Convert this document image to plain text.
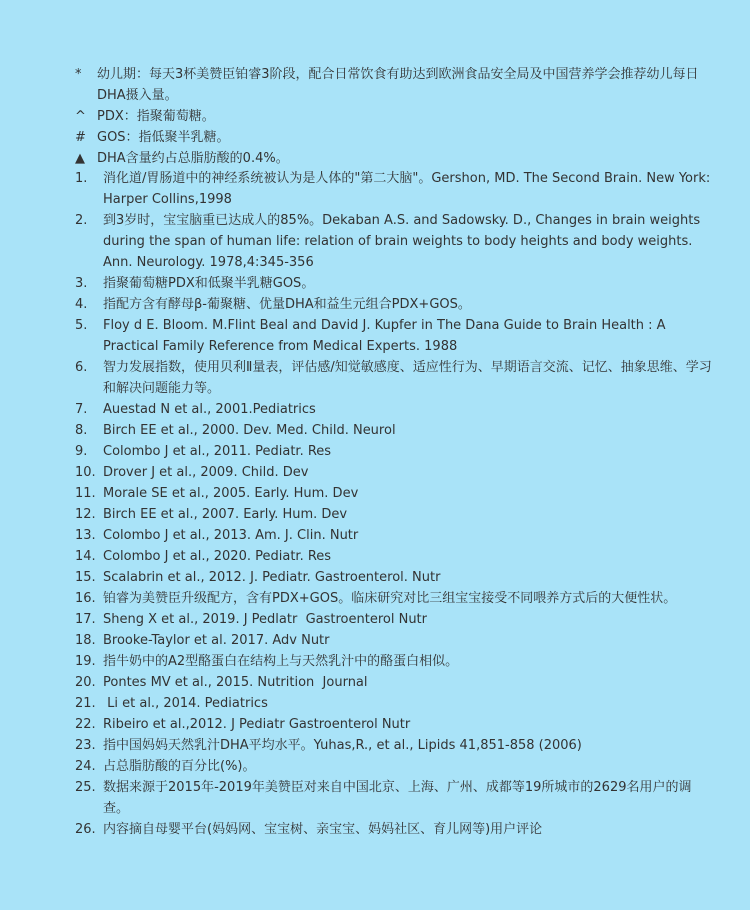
*	幼儿期：每天3杯美赞臣铂睿3阶段，配合日常饮食有助达到欧洲食品安全局及中国营养学会推荐幼儿每日DHA摄入量。
^ PDX：指聚葡萄糖。
# GOS：指低聚半乳糖。
▲ DHA含量约占总脂肪酸的0.4%。
1.	消化道/胃肠道中的神经系统被认为是人体的"第二大脑"。Gershon, MD. The Second Brain. New York: Harper Collins,1998
2.	到3岁时，宝宝脑重已达成人的85%。Dekaban A.S. and Sadowsky. D., Changes in brain weights during the span of human life: relation of brain weights to body heights and body weights. Ann. Neurology. 1978,4:345-356
3.	指聚葡萄糖PDX和低聚半乳糖GOS。
4.	指配方含有酵母β-葡聚糖、优量DHA和益生元组合PDX+GOS。
5.	Floy d E. Bloom. M.Flint Beal and David J. Kupfer in The Dana Guide to Brain Health : A Practical Family Reference from Medical Experts. 1988
6.	智力发展指数，使用贝利Ⅱ量表，评估感/知觉敏感度、适应性行为、早期语言交流、记忆、抽象思维、学习和解决问题能力等。
7.	Auestad N et al., 2001.Pediatrics
8.	Birch EE et al., 2000. Dev. Med. Child. Neurol
9.	Colombo J et al., 2011. Pediatr. Res
10. Drover J et al., 2009. Child. Dev
11. Morale SE et al., 2005. Early. Hum. Dev
12. Birch EE et al., 2007. Early. Hum. Dev
13. Colombo J et al., 2013. Am. J. Clin. Nutr
14. Colombo J et al., 2020. Pediatr. Res
15. Scalabrin et al., 2012. J. Pediatr. Gastroenterol. Nutr
16. 铂睿为美赞臣升级配方，含有PDX+GOS。临床研究对比三组宝宝接受不同喂养方式后的大便性状。
17. Sheng X et al., 2019. J Pedlatr  Gastroenterol Nutr
18. Brooke-Taylor et al. 2017. Adv Nutr
19. 指牛奶中的A2型酪蛋白在结构上与天然乳汁中的酪蛋白相似。
20. Pontes MV et al., 2015. Nutrition  Journal
21. Li et al., 2014. Pediatrics
22. Ribeiro et al.,2012. J Pediatr Gastroenterol Nutr
23. 指中国妈妈天然乳汁DHA平均水平。Yuhas,R., et al., Lipids 41,851-858 (2006)
24. 占总脂肪酸的百分比(%)。
25. 数据来源于2015年-2019年美赞臣对来自中国北京、上海、广州、成都等19所城市的2629名用户的调查。
26. 内容摘自母婴平台(妈妈网、宝宝树、亲宝宝、妈妈社区、育儿网等)用户评论
